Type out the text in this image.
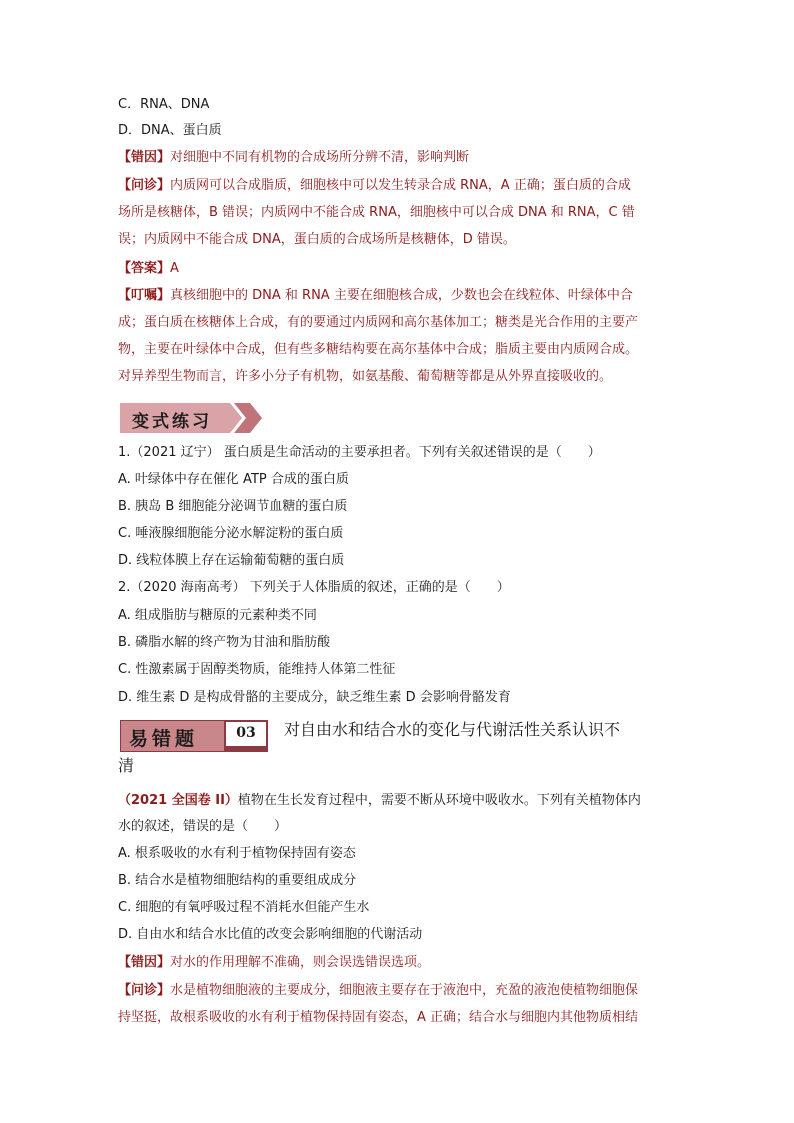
C．RNA、DNA
D．DNA、蛋白质
【错因】对细胞中不同有机物的合成场所分辨不清，影响判断
【问诊】内质网可以合成脂质，细胞核中可以发生转录合成 RNA，A 正确；蛋白质的合成
场所是核糖体，B 错误；内质网中不能合成 RNA，细胞核中可以合成 DNA 和 RNA，C 错
误；内质网中不能合成 DNA，蛋白质的合成场所是核糖体，D 错误。
【答案】A
【叮嘱】真核细胞中的 DNA 和 RNA 主要在细胞核合成，少数也会在线粒体、叶绿体中合
成；蛋白质在核糖体上合成，有的要通过内质网和高尔基体加工；糖类是光合作用的主要产
物，主要在叶绿体中合成，但有些多糖结构要在高尔基体中合成；脂质主要由内质网合成。
对异养型生物而言，许多小分子有机物，如氨基酸、葡萄糖等都是从外界直接吸收的。
变式练习
1.（2021 辽宁） 蛋白质是生命活动的主要承担者。下列有关叙述错误的是（　　）
A. 叶绿体中存在催化 ATP 合成的蛋白质
B. 胰岛 B 细胞能分泌调节血糖的蛋白质
C. 唾液腺细胞能分泌水解淀粉的蛋白质
D. 线粒体膜上存在运输葡萄糖的蛋白质
2.（2020 海南高考） 下列关于人体脂质的叙述，正确的是（　　）
A. 组成脂肪与糖原的元素种类不同
B. 磷脂水解的终产物为甘油和脂肪酸
C. 性激素属于固醇类物质，能维持人体第二性征
D. 维生素 D 是构成骨骼的主要成分，缺乏维生素 D 会影响骨骼发育
易错题	03	对自由水和结合水的变化与代谢活性关系认识不
清
（2021 全国卷 II）植物在生长发育过程中，需要不断从环境中吸收水。下列有关植物体内
水的叙述，错误的是（　　）
A. 根系吸收的水有利于植物保持固有姿态
B. 结合水是植物细胞结构的重要组成成分
C. 细胞的有氧呼吸过程不消耗水但能产生水
D. 自由水和结合水比值的改变会影响细胞的代谢活动
【错因】对水的作用理解不准确，则会误选错误选项。
【问诊】水是植物细胞液的主要成分，细胞液主要存在于液泡中，充盈的液泡使植物细胞保
持坚挺，故根系吸收的水有利于植物保持固有姿态，A 正确；结合水与细胞内其他物质相结
